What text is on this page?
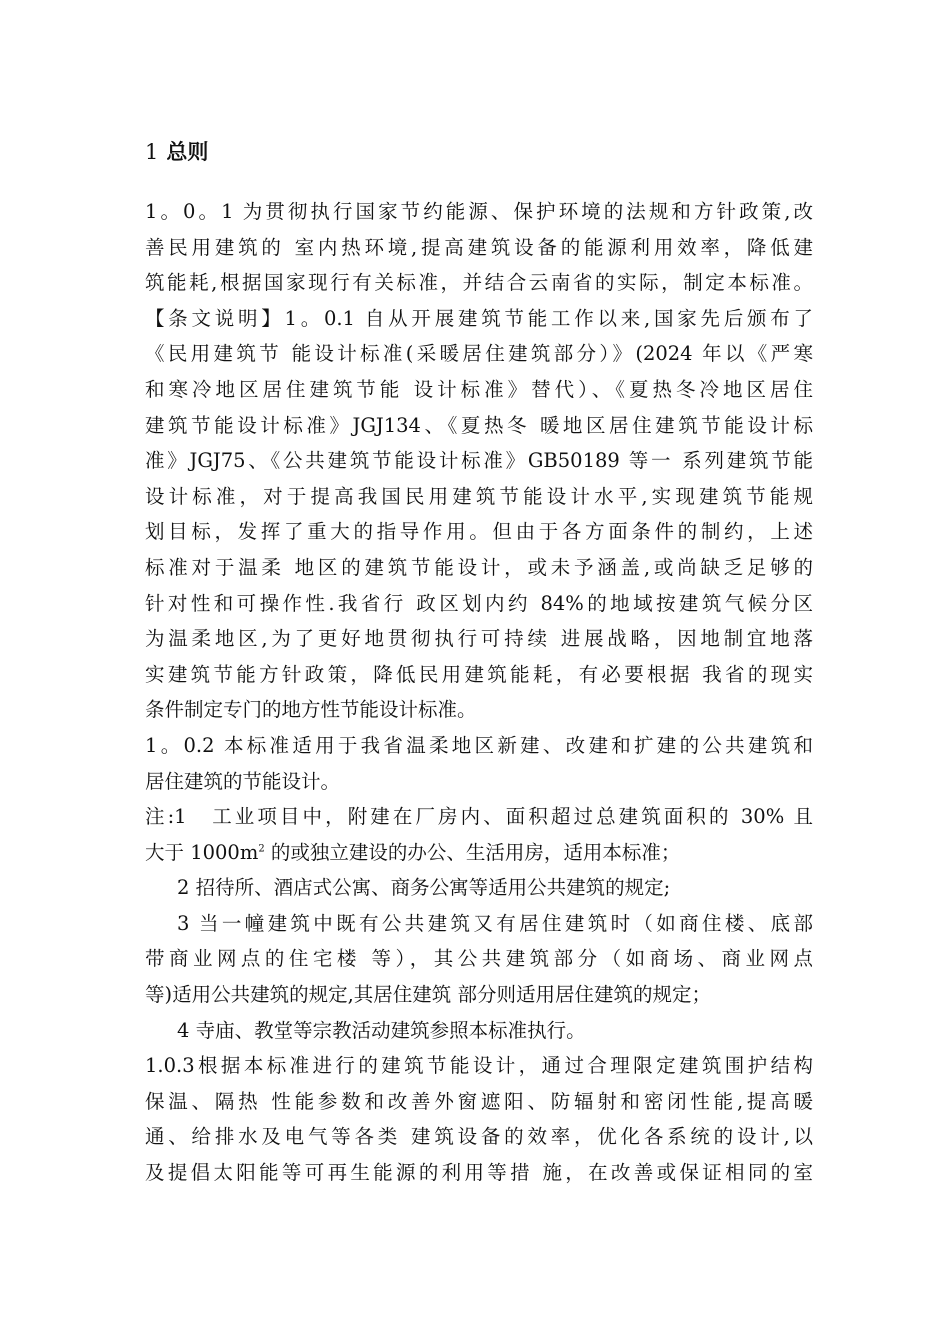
1 总则
1。0。1 为贯彻执行国家节约能源、保护环境的法规和方针政策,改
善民用建筑的 室内热环境,提高建筑设备的能源利用效率，降低建
筑能耗,根据国家现行有关标准，并结合云南省的实际，制定本标准。
【条文说明】1。0.1 自从开展建筑节能工作以来,国家先后颁布了
《民用建筑节 能设计标准(采暖居住建筑部分）》(2024 年以《严寒
和寒冷地区居住建筑节能 设计标准》替代）、《夏热冬冷地区居住
建筑节能设计标准》JGJ134、《夏热冬 暖地区居住建筑节能设计标
准》JGJ75、《公共建筑节能设计标准》GB50189 等一 系列建筑节能
设计标准，对于提高我国民用建筑节能设计水平,实现建筑节能规
划目标，发挥了重大的指导作用。但由于各方面条件的制约，上述
标准对于温柔 地区的建筑节能设计，或未予涵盖,或尚缺乏足够的
针对性和可操作性.我省行 政区划内约 84%的地域按建筑气候分区
为温柔地区,为了更好地贯彻执行可持续 进展战略，因地制宜地落
实建筑节能方针政策，降低民用建筑能耗，有必要根据 我省的现实
条件制定专门的地方性节能设计标准。
1。0.2 本标准适用于我省温柔地区新建、改建和扩建的公共建筑和
居住建筑的节能设计。
注:1　工业项目中，附建在厂房内、面积超过总建筑面积的 30% 且
大于 $1000m^2$ 的或独立建设的办公、生活用房，适用本标准；
2 招待所、酒店式公寓、商务公寓等适用公共建筑的规定;
3 当一幢建筑中既有公共建筑又有居住建筑时（如商住楼、底部
带商业网点的住宅楼 等），其公共建筑部分（如商场、商业网点
等)适用公共建筑的规定,其居住建筑 部分则适用居住建筑的规定；
4 寺庙、教堂等宗教活动建筑参照本标准执行。
1.0.3根据本标准进行的建筑节能设计，通过合理限定建筑围护结构
保温、隔热 性能参数和改善外窗遮阳、防辐射和密闭性能,提高暖
通、给排水及电气等各类 建筑设备的效率，优化各系统的设计,以
及提倡太阳能等可再生能源的利用等措 施，在改善或保证相同的室
